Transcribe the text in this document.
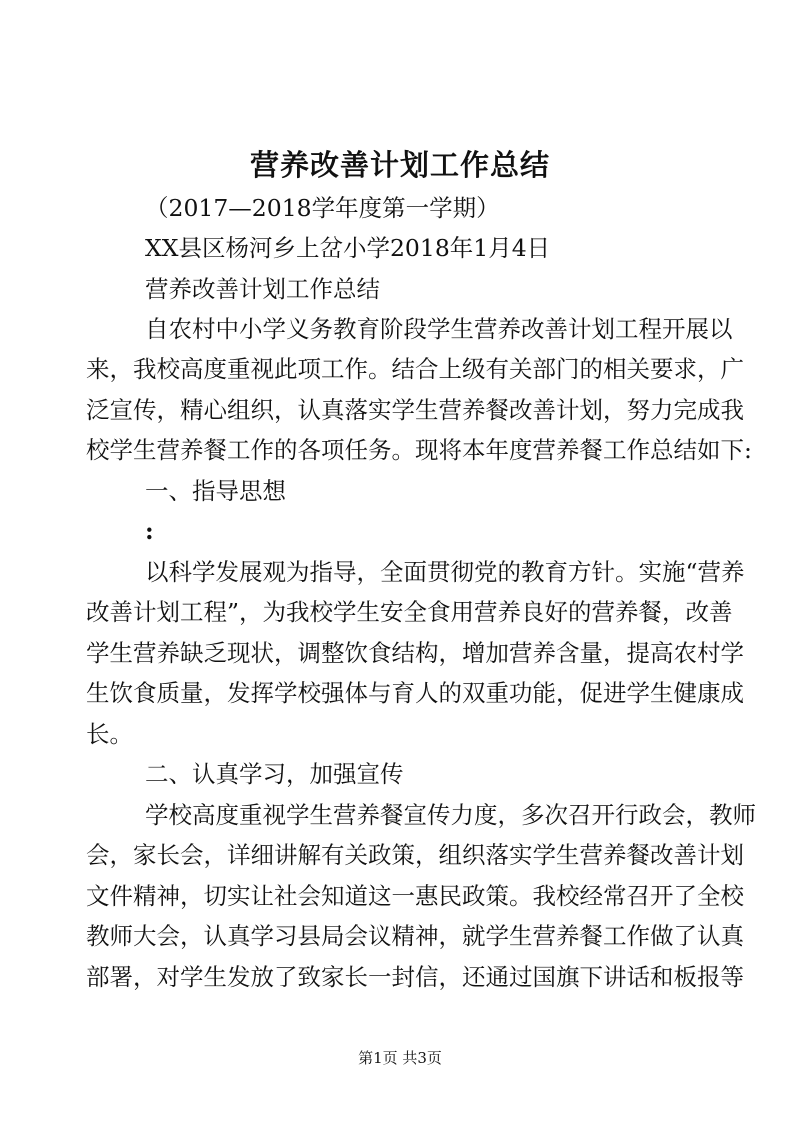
营养改善计划工作总结
（2017—2018学年度第一学期）
XX县区杨河乡上岔小学2018年1月4日
营养改善计划工作总结
自农村中小学义务教育阶段学生营养改善计划工程开展以
来，我校高度重视此项工作。结合上级有关部门的相关要求，广
泛宣传，精心组织，认真落实学生营养餐改善计划，努力完成我
校学生营养餐工作的各项任务。现将本年度营养餐工作总结如下:
一、指导思想
:
以科学发展观为指导，全面贯彻党的教育方针。实施“营养
改善计划工程”，为我校学生安全食用营养良好的营养餐，改善
学生营养缺乏现状，调整饮食结构，增加营养含量，提高农村学
生饮食质量，发挥学校强体与育人的双重功能，促进学生健康成
长。
二、认真学习，加强宣传
学校高度重视学生营养餐宣传力度，多次召开行政会，教师
会，家长会，详细讲解有关政策，组织落实学生营养餐改善计划
文件精神，切实让社会知道这一惠民政策。我校经常召开了全校
教师大会，认真学习县局会议精神，就学生营养餐工作做了认真
部署，对学生发放了致家长一封信，还通过国旗下讲话和板报等
第1页 共3页
